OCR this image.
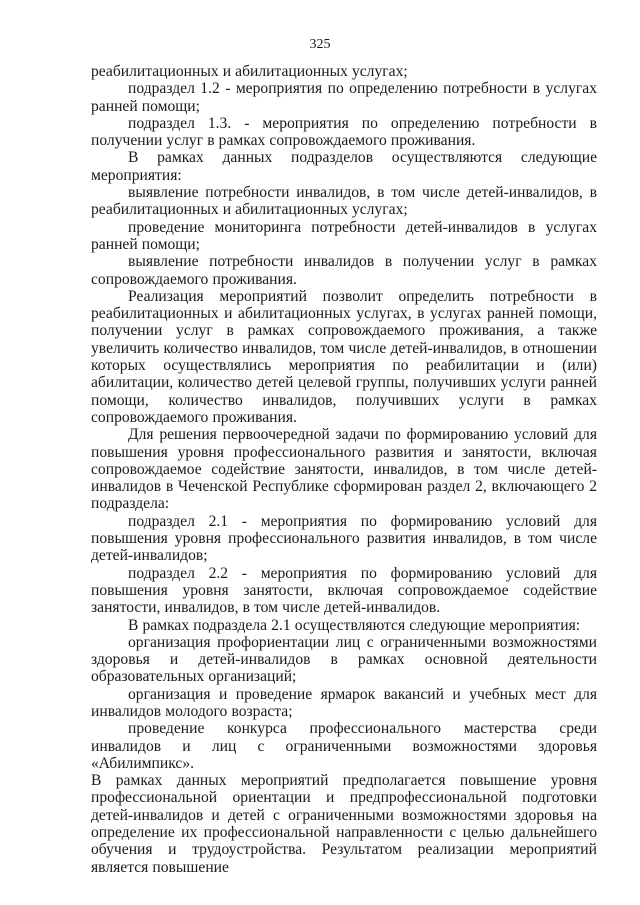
325

реабилитационных и абилитационных услугах;

подраздел 1.2 - мероприятия по определению потребности в услугах ранней помощи;

подраздел 1.3. - мероприятия по определению потребности в получении услуг в рамках сопровождаемого проживания.

В рамках данных подразделов осуществляются следующие мероприятия:

выявление потребности инвалидов, в том числе детей-инвалидов, в реабилитационных и абилитационных услугах;

проведение мониторинга потребности детей-инвалидов в услугах ранней помощи;

выявление потребности инвалидов в получении услуг в рамках сопровождаемого проживания.

Реализация мероприятий позволит определить потребности в реабилитационных и абилитационных услугах, в услугах ранней помощи, получении услуг в рамках сопровождаемого проживания, а также увеличить количество инвалидов, том числе детей-инвалидов, в отношении которых осуществлялись мероприятия по реабилитации и (или) абилитации, количество детей целевой группы, получивших услуги ранней помощи, количество инвалидов, получивших услуги в рамках сопровождаемого проживания.

Для решения первоочередной задачи по формированию условий для повышения уровня профессионального развития и занятости, включая сопровождаемое содействие занятости, инвалидов, в том числе детей-инвалидов в Чеченской Республике сформирован раздел 2, включающего 2 подраздела:

подраздел 2.1 - мероприятия по формированию условий для повышения уровня профессионального развития инвалидов, в том числе детей-инвалидов;

подраздел 2.2 - мероприятия по формированию условий для повышения уровня занятости, включая сопровождаемое содействие занятости, инвалидов, в том числе детей-инвалидов.

В рамках подраздела 2.1 осуществляются следующие мероприятия:

организация профориентации лиц с ограниченными возможностями здоровья и детей-инвалидов в рамках основной деятельности образовательных организаций;

организация и проведение ярмарок вакансий и учебных мест для инвалидов молодого возраста;

проведение конкурса профессионального мастерства среди инвалидов и лиц с ограниченными возможностями здоровья «Абилимпикс».

В рамках данных мероприятий предполагается повышение уровня профессиональной ориентации и предпрофессиональной подготовки детей-инвалидов и детей с ограниченными возможностями здоровья на определение их профессиональной направленности с целью дальнейшего обучения и трудоустройства. Результатом реализации мероприятий является повышение
